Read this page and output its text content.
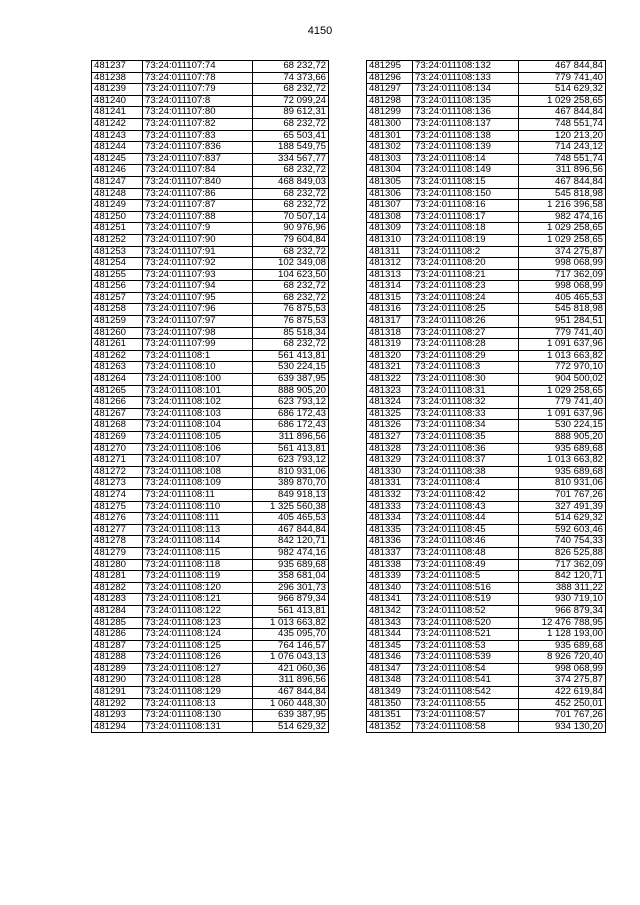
4150
481237	73:24:011107:74	68 232,72
481238	73:24:011107:78	74 373,66
481239	73:24:011107:79	68 232,72
481240	73:24:011107:8	72 099,24
481241	73:24:011107:80	89 612,31
481242	73:24:011107:82	68 232,72
481243	73:24:011107:83	65 503,41
481244	73:24:011107:836	188 549,75
481245	73:24:011107:837	334 567,77
481246	73:24:011107:84	68 232,72
481247	73:24:011107:840	468 849,03
481248	73:24:011107:86	68 232,72
481249	73:24:011107:87	68 232,72
481250	73:24:011107:88	70 507,14
481251	73:24:011107:9	90 976,96
481252	73:24:011107:90	79 604,84
481253	73:24:011107:91	68 232,72
481254	73:24:011107:92	102 349,08
481255	73:24:011107:93	104 623,50
481256	73:24:011107:94	68 232,72
481257	73:24:011107:95	68 232,72
481258	73:24:011107:96	76 875,53
481259	73:24:011107:97	76 875,53
481260	73:24:011107:98	85 518,34
481261	73:24:011107:99	68 232,72
481262	73:24:011108:1	561 413,81
481263	73:24:011108:10	530 224,15
481264	73:24:011108:100	639 387,95
481265	73:24:011108:101	888 905,20
481266	73:24:011108:102	623 793,12
481267	73:24:011108:103	686 172,43
481268	73:24:011108:104	686 172,43
481269	73:24:011108:105	311 896,56
481270	73:24:011108:106	561 413,81
481271	73:24:011108:107	623 793,12
481272	73:24:011108:108	810 931,06
481273	73:24:011108:109	389 870,70
481274	73:24:011108:11	849 918,13
481275	73:24:011108:110	1 325 560,38
481276	73:24:011108:111	405 465,53
481277	73:24:011108:113	467 844,84
481278	73:24:011108:114	842 120,71
481279	73:24:011108:115	982 474,16
481280	73:24:011108:118	935 689,68
481281	73:24:011108:119	358 681,04
481282	73:24:011108:120	296 301,73
481283	73:24:011108:121	966 879,34
481284	73:24:011108:122	561 413,81
481285	73:24:011108:123	1 013 663,82
481286	73:24:011108:124	435 095,70
481287	73:24:011108:125	764 146,57
481288	73:24:011108:126	1 076 043,13
481289	73:24:011108:127	421 060,36
481290	73:24:011108:128	311 896,56
481291	73:24:011108:129	467 844,84
481292	73:24:011108:13	1 060 448,30
481293	73:24:011108:130	639 387,95
481294	73:24:011108:131	514 629,32
481295	73:24:011108:132	467 844,84
481296	73:24:011108:133	779 741,40
481297	73:24:011108:134	514 629,32
481298	73:24:011108:135	1 029 258,65
481299	73:24:011108:136	467 844,84
481300	73:24:011108:137	748 551,74
481301	73:24:011108:138	120 213,20
481302	73:24:011108:139	714 243,12
481303	73:24:011108:14	748 551,74
481304	73:24:011108:149	311 896,56
481305	73:24:011108:15	467 844,84
481306	73:24:011108:150	545 818,98
481307	73:24:011108:16	1 216 396,58
481308	73:24:011108:17	982 474,16
481309	73:24:011108:18	1 029 258,65
481310	73:24:011108:19	1 029 258,65
481311	73:24:011108:2	374 275,87
481312	73:24:011108:20	998 068,99
481313	73:24:011108:21	717 362,09
481314	73:24:011108:23	998 068,99
481315	73:24:011108:24	405 465,53
481316	73:24:011108:25	545 818,98
481317	73:24:011108:26	951 284,51
481318	73:24:011108:27	779 741,40
481319	73:24:011108:28	1 091 637,96
481320	73:24:011108:29	1 013 663,82
481321	73:24:011108:3	772 970,10
481322	73:24:011108:30	904 500,02
481323	73:24:011108:31	1 029 258,65
481324	73:24:011108:32	779 741,40
481325	73:24:011108:33	1 091 637,96
481326	73:24:011108:34	530 224,15
481327	73:24:011108:35	888 905,20
481328	73:24:011108:36	935 689,68
481329	73:24:011108:37	1 013 663,82
481330	73:24:011108:38	935 689,68
481331	73:24:011108:4	810 931,06
481332	73:24:011108:42	701 767,26
481333	73:24:011108:43	327 491,39
481334	73:24:011108:44	514 629,32
481335	73:24:011108:45	592 603,46
481336	73:24:011108:46	740 754,33
481337	73:24:011108:48	826 525,88
481338	73:24:011108:49	717 362,09
481339	73:24:011108:5	842 120,71
481340	73:24:011108:516	388 311,22
481341	73:24:011108:519	930 719,10
481342	73:24:011108:52	966 879,34
481343	73:24:011108:520	12 476 788,95
481344	73:24:011108:521	1 128 193,00
481345	73:24:011108:53	935 689,68
481346	73:24:011108:539	8 926 720,40
481347	73:24:011108:54	998 068,99
481348	73:24:011108:541	374 275,87
481349	73:24:011108:542	422 619,84
481350	73:24:011108:55	452 250,01
481351	73:24:011108:57	701 767,26
481352	73:24:011108:58	934 130,20
